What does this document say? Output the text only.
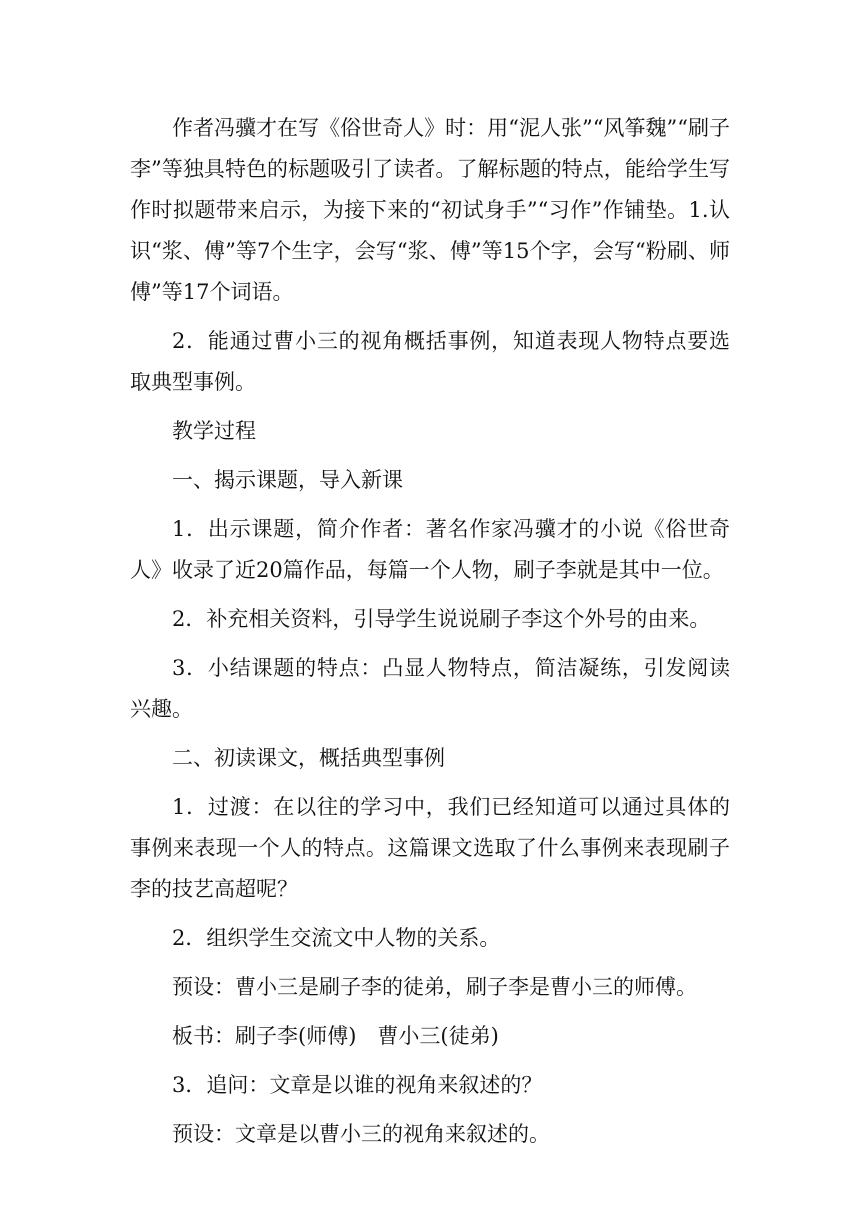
作者冯骥才在写《俗世奇人》时：用“泥人张”“风筝魏”“刷子李”等独具特色的标题吸引了读者。了解标题的特点，能给学生写作时拟题带来启示，为接下来的“初试身手”“习作”作铺垫。1.认识“浆、傅”等7个生字，会写“浆、傅”等15个字，会写“粉刷、师傅”等17个词语。

2．能通过曹小三的视角概括事例，知道表现人物特点要选取典型事例。

教学过程

一、揭示课题，导入新课

1．出示课题，简介作者：著名作家冯骥才的小说《俗世奇人》收录了近20篇作品，每篇一个人物，刷子李就是其中一位。

2．补充相关资料，引导学生说说刷子李这个外号的由来。

3．小结课题的特点：凸显人物特点，简洁凝练，引发阅读兴趣。

二、初读课文，概括典型事例

1．过渡：在以往的学习中，我们已经知道可以通过具体的事例来表现一个人的特点。这篇课文选取了什么事例来表现刷子李的技艺高超呢？

2．组织学生交流文中人物的关系。

预设：曹小三是刷子李的徒弟，刷子李是曹小三的师傅。

板书：刷子李(师傅)　曹小三(徒弟)

3．追问：文章是以谁的视角来叙述的？

预设：文章是以曹小三的视角来叙述的。
